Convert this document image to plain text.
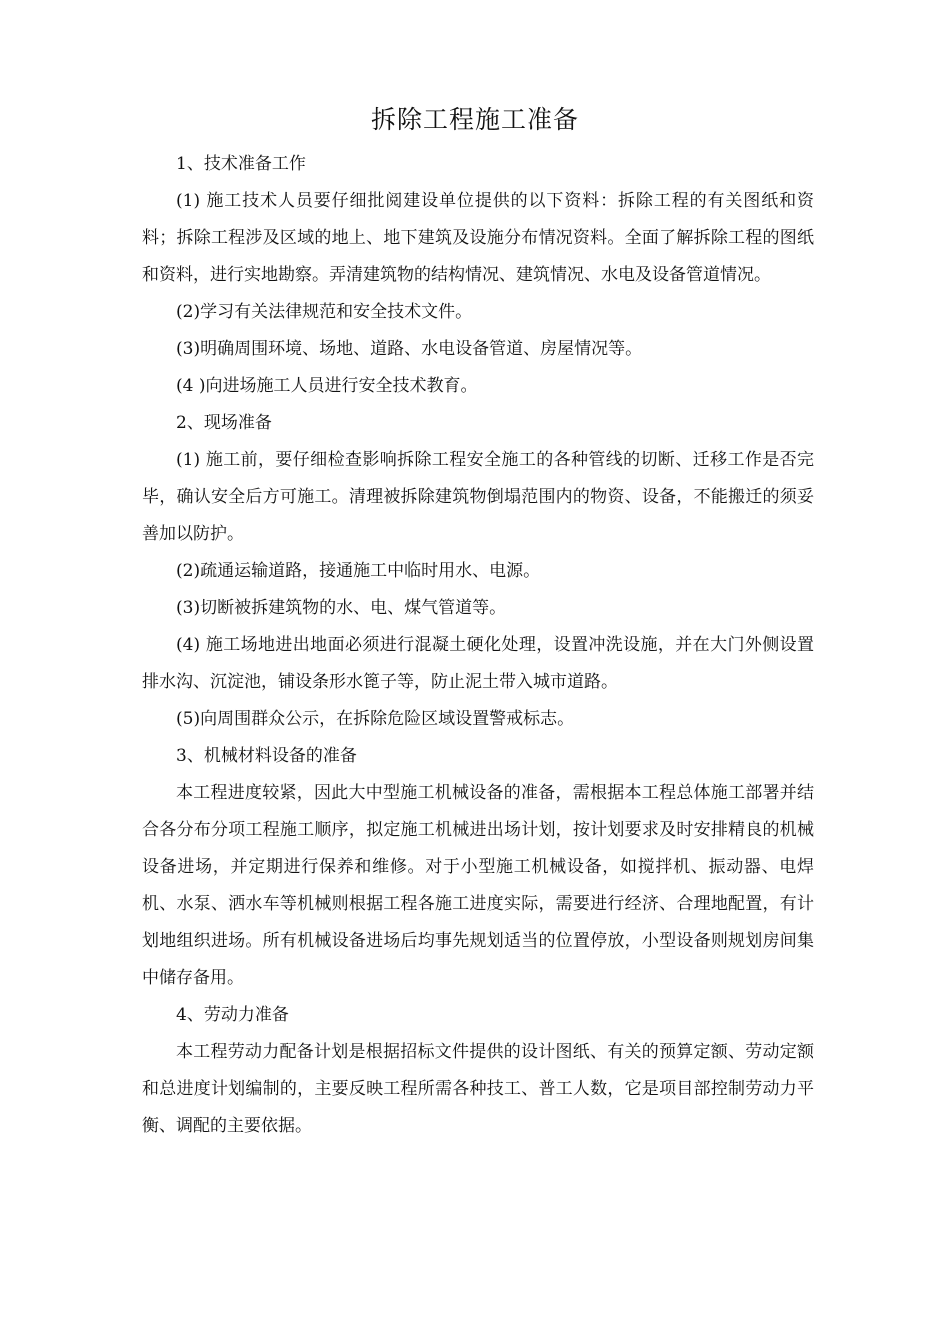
拆除工程施工准备

1、技术准备工作

(1) 施工技术人员要仔细批阅建设单位提供的以下资料：拆除工程的有关图纸和资料；拆除工程涉及区域的地上、地下建筑及设施分布情况资料。全面了解拆除工程的图纸和资料，进行实地勘察。弄清建筑物的结构情况、建筑情况、水电及设备管道情况。

(2)学习有关法律规范和安全技术文件。

(3)明确周围环境、场地、道路、水电设备管道、房屋情况等。

(4 )向进场施工人员进行安全技术教育。

2、现场准备

(1) 施工前，要仔细检查影响拆除工程安全施工的各种管线的切断、迁移工作是否完毕，确认安全后方可施工。清理被拆除建筑物倒塌范围内的物资、设备，不能搬迁的须妥善加以防护。

(2)疏通运输道路，接通施工中临时用水、电源。

(3)切断被拆建筑物的水、电、煤气管道等。

(4) 施工场地进出地面必须进行混凝土硬化处理，设置冲洗设施，并在大门外侧设置排水沟、沉淀池，铺设条形水篦子等，防止泥土带入城市道路。

(5)向周围群众公示，在拆除危险区域设置警戒标志。

3、机械材料设备的准备

本工程进度较紧，因此大中型施工机械设备的准备，需根据本工程总体施工部署并结合各分布分项工程施工顺序，拟定施工机械进出场计划，按计划要求及时安排精良的机械设备进场，并定期进行保养和维修。对于小型施工机械设备，如搅拌机、振动器、电焊机、水泵、洒水车等机械则根据工程各施工进度实际，需要进行经济、合理地配置，有计划地组织进场。所有机械设备进场后均事先规划适当的位置停放，小型设备则规划房间集中储存备用。

4、劳动力准备

本工程劳动力配备计划是根据招标文件提供的设计图纸、有关的预算定额、劳动定额和总进度计划编制的，主要反映工程所需各种技工、普工人数，它是项目部控制劳动力平衡、调配的主要依据。
